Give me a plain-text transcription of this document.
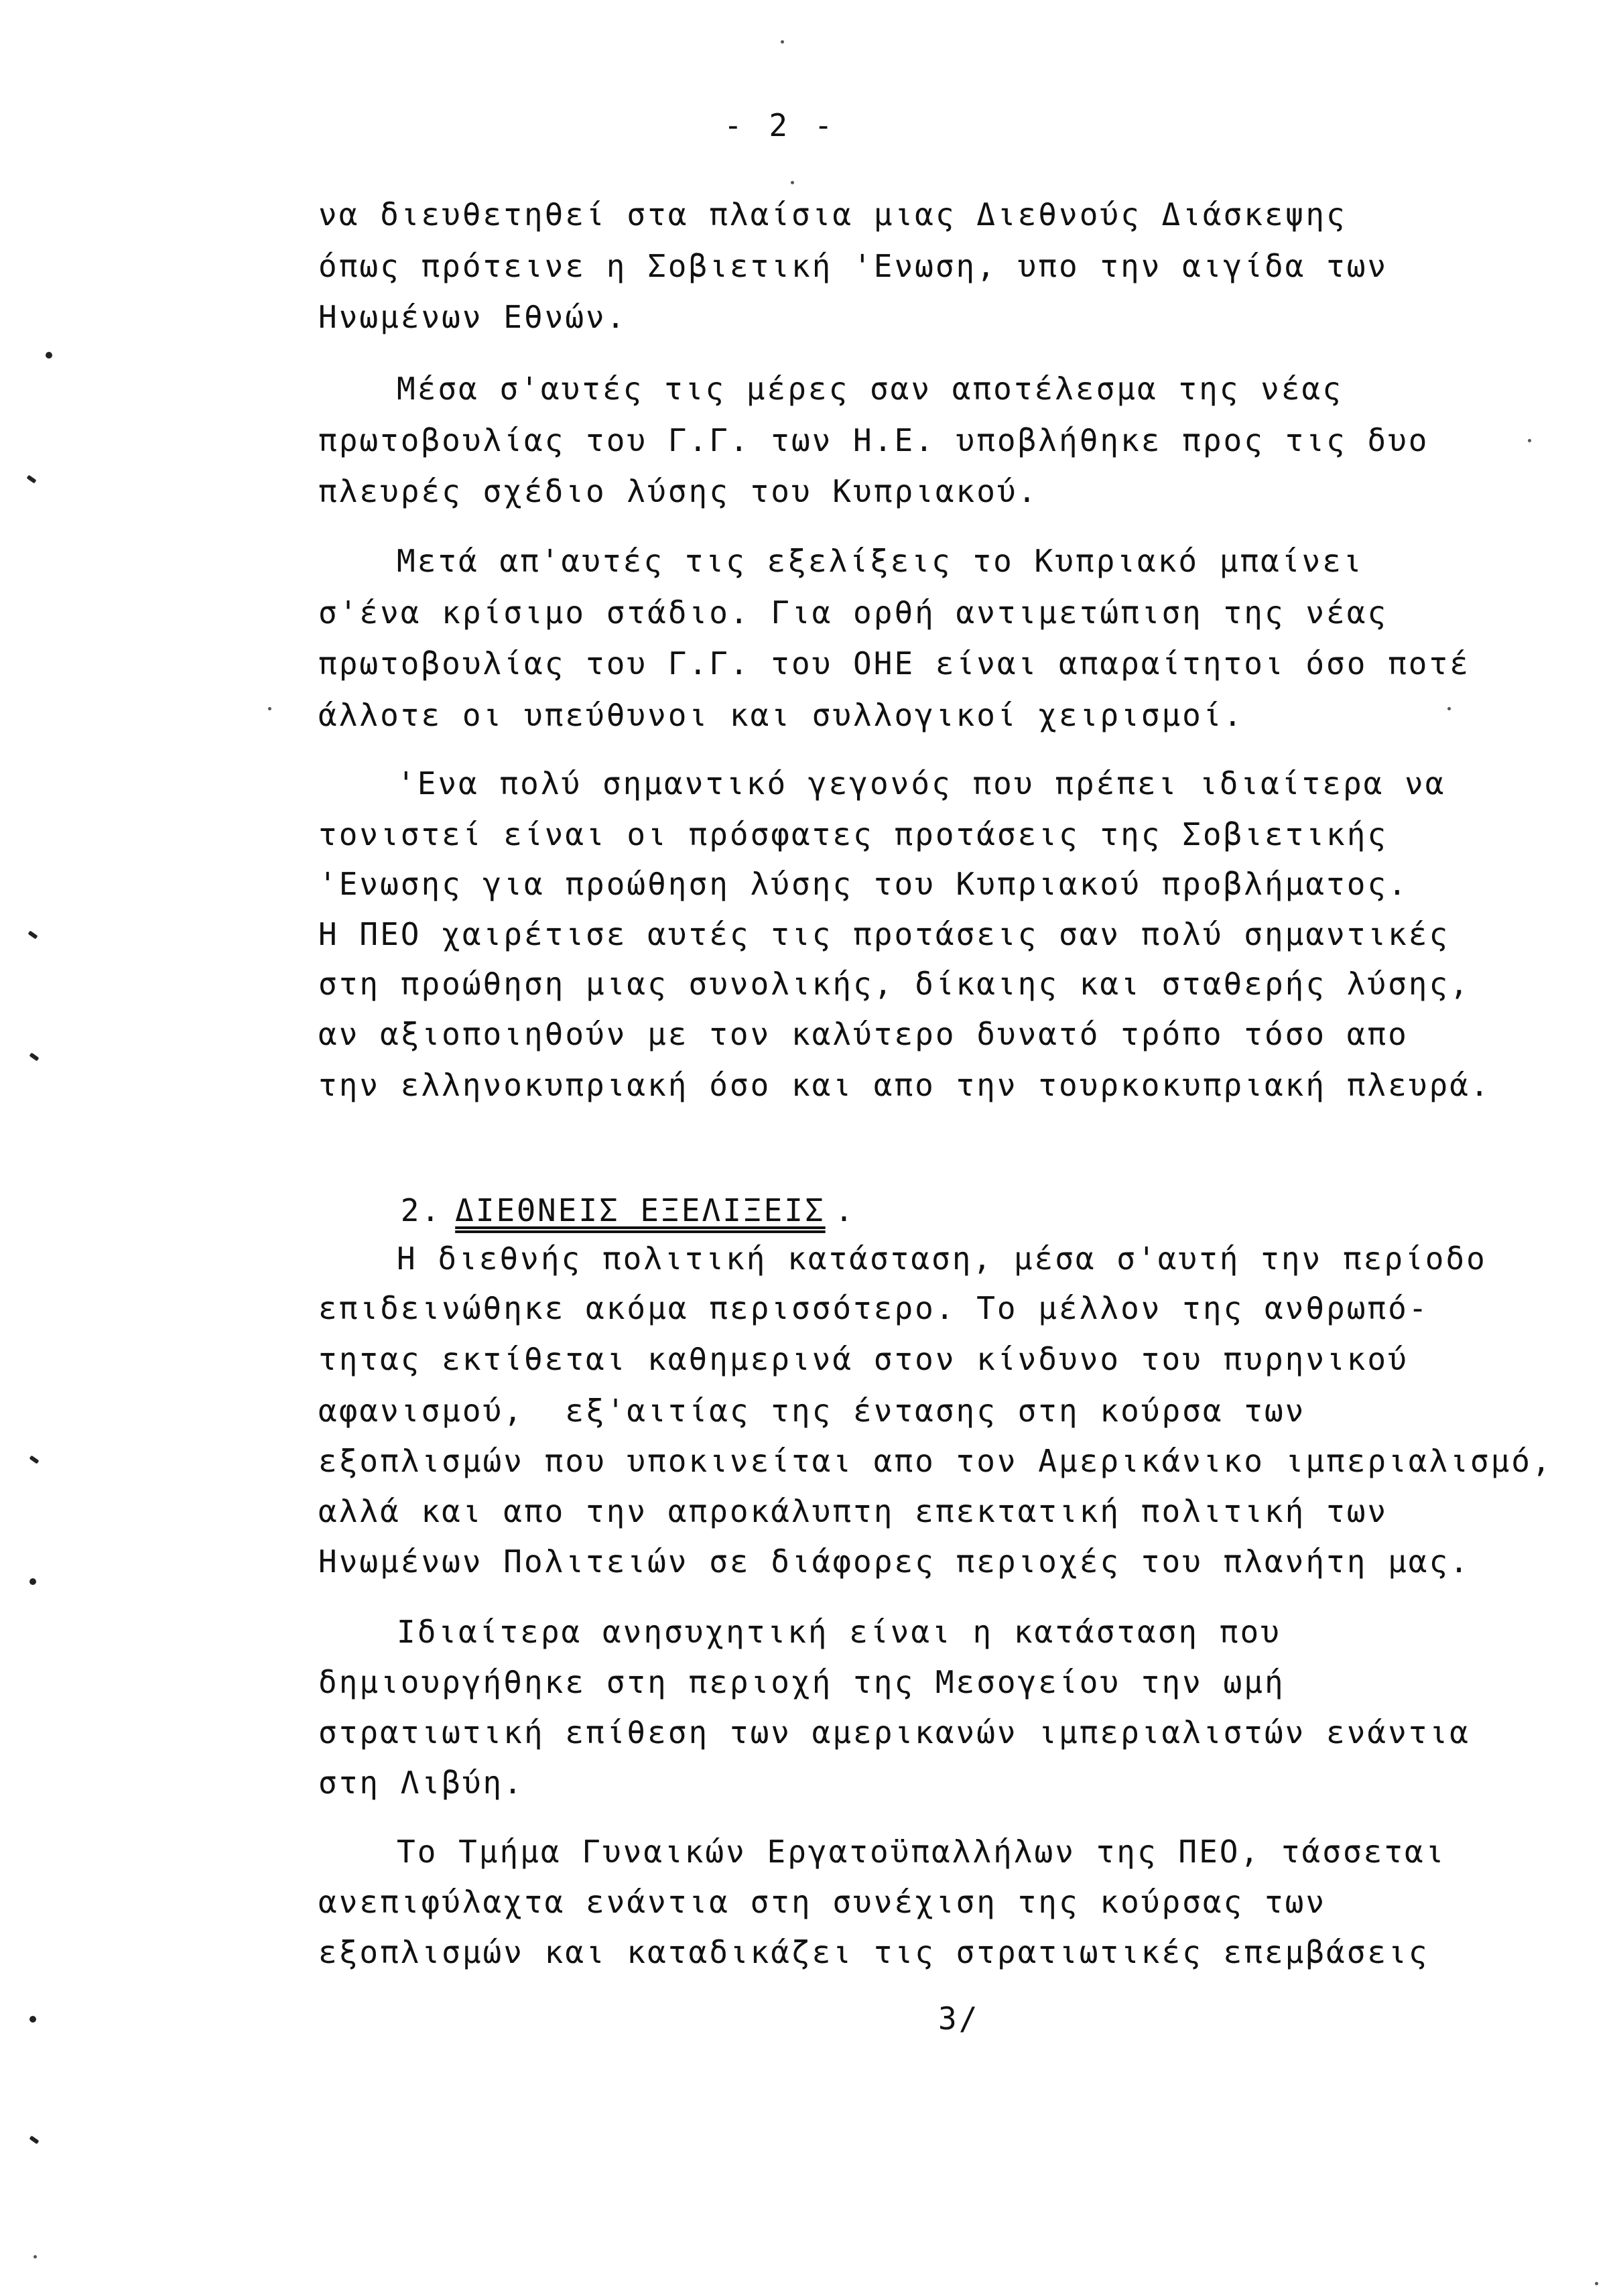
- 2 -
να διευθετηθεί στα πλαίσια μιας Διεθνούς Διάσκεψης
όπως πρότεινε η Σοβιετική 'Ενωση, υπο την αιγίδα των
Ηνωμένων Εθνών.
Μέσα σ'αυτές τις μέρες σαν αποτέλεσμα της νέας
πρωτοβουλίας του Γ.Γ. των Η.Ε. υποβλήθηκε προς τις δυο
πλευρές σχέδιο λύσης του Κυπριακού.
Μετά απ'αυτές τις εξελίξεις το Κυπριακό μπαίνει
σ'ένα κρίσιμο στάδιο. Για ορθή αντιμετώπιση της νέας
πρωτοβουλίας του Γ.Γ. του ΟΗΕ είναι απαραίτητοι όσο ποτέ
άλλοτε οι υπεύθυνοι και συλλογικοί χειρισμοί.
'Ενα πολύ σημαντικό γεγονός που πρέπει ιδιαίτερα να
τονιστεί είναι οι πρόσφατες προτάσεις της Σοβιετικής
'Ενωσης για προώθηση λύσης του Κυπριακού προβλήματος.
Η ΠΕΟ χαιρέτισε αυτές τις προτάσεις σαν πολύ σημαντικές
στη προώθηση μιας συνολικής, δίκαιης και σταθερής λύσης,
αν αξιοποιηθούν με τον καλύτερο δυνατό τρόπο τόσο απο
την ελληνοκυπριακή όσο και απο την τουρκοκυπριακή πλευρά.

2. ΔΙΕΘΝΕΙΣ ΕΞΕΛΙΞΕΙΣ .

Η διεθνής πολιτική κατάσταση, μέσα σ'αυτή την περίοδο
επιδεινώθηκε ακόμα περισσότερο. Το μέλλον της ανθρωπό-
τητας εκτίθεται καθημερινά στον κίνδυνο του πυρηνικού
αφανισμού,  εξ'αιτίας της έντασης στη κούρσα των
εξοπλισμών που υποκινείται απο τον Αμερικάνικο ιμπεριαλισμό,
αλλά και απο την απροκάλυπτη επεκτατική πολιτική των
Ηνωμένων Πολιτειών σε διάφορες περιοχές του πλανήτη μας.
Ιδιαίτερα ανησυχητική είναι η κατάσταση που
δημιουργήθηκε στη περιοχή της Μεσογείου την ωμή
στρατιωτική επίθεση των αμερικανών ιμπεριαλιστών ενάντια
στη Λιβύη.
Το Τμήμα Γυναικών Εργατοϋπαλλήλων της ΠΕΟ, τάσσεται
ανεπιφύλαχτα ενάντια στη συνέχιση της κούρσας των
εξοπλισμών και καταδικάζει τις στρατιωτικές επεμβάσεις
3/
